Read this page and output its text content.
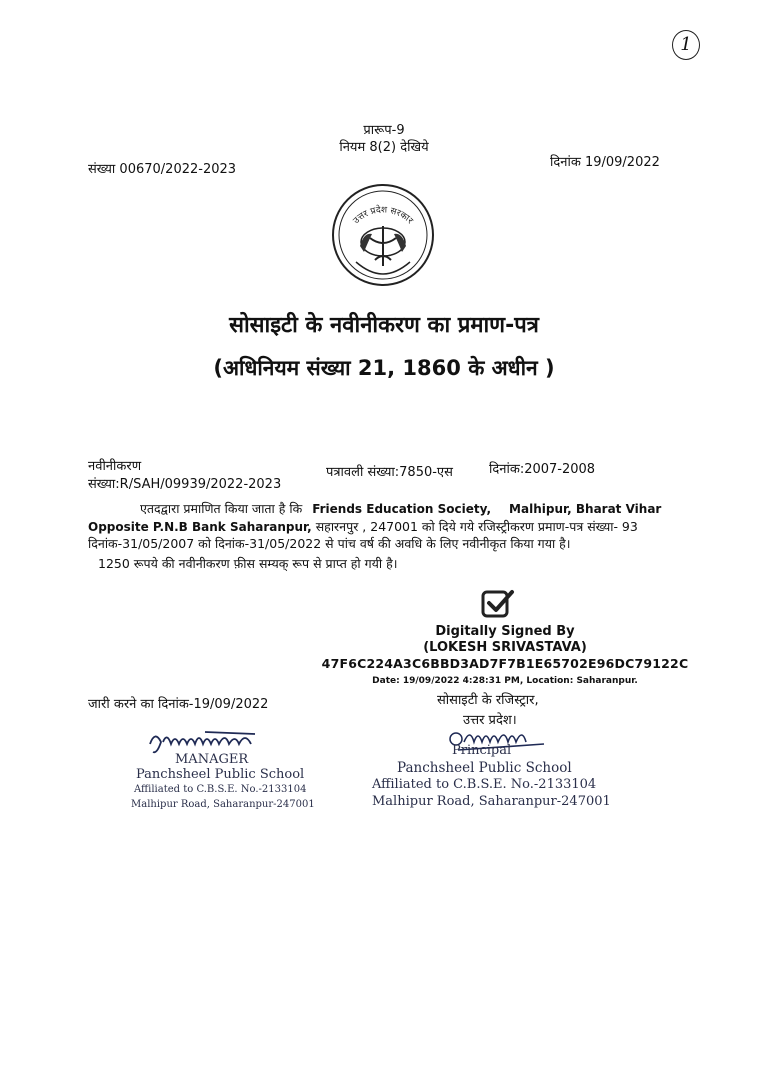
1
प्रारूप-9
नियम 8(2) देखिये
संख्या 00670/2022-2023	दिनांक 19/09/2022
उत्तर प्रदेश सरकार
सोसाइटी के नवीनीकरण का प्रमाण-पत्र
(अधिनियम संख्या 21, 1860 के अधीन )
नवीनीकरण
संख्या:R/SAH/09939/2022-2023
पत्रावली संख्या:7850-एस	दिनांक:2007-2008
एतदद्वारा प्रमाणित किया जाता है कि Friends Education Society, Malhipur, Bharat Vihar
Opposite P.N.B Bank Saharanpur, सहारनपुर , 247001 को दिये गये रजिस्ट्रीकरण प्रमाण-पत्र संख्या- 93
दिनांक-31/05/2007 को दिनांक-31/05/2022 से पांच वर्ष की अवधि के लिए नवीनीकृत किया गया है।
1250 रूपये की नवीनीकरण फ़ीस सम्यक् रूप से प्राप्त हो गयी है।
Digitally Signed By
(LOKESH SRIVASTAVA)
47F6C224A3C6BBD3AD7F7B1E65702E96DC79122C
Date: 19/09/2022 4:28:31 PM, Location: Saharanpur.
जारी करने का दिनांक-19/09/2022	सोसाइटी के रजिस्ट्रार,
उत्तर प्रदेश।
MANAGER
Panchsheel Public School
Affiliated to C.B.S.E. No.-2133104
Malhipur Road, Saharanpur-247001
Principal
Panchsheel Public School
Affiliated to C.B.S.E. No.-2133104
Malhipur Road, Saharanpur-247001
